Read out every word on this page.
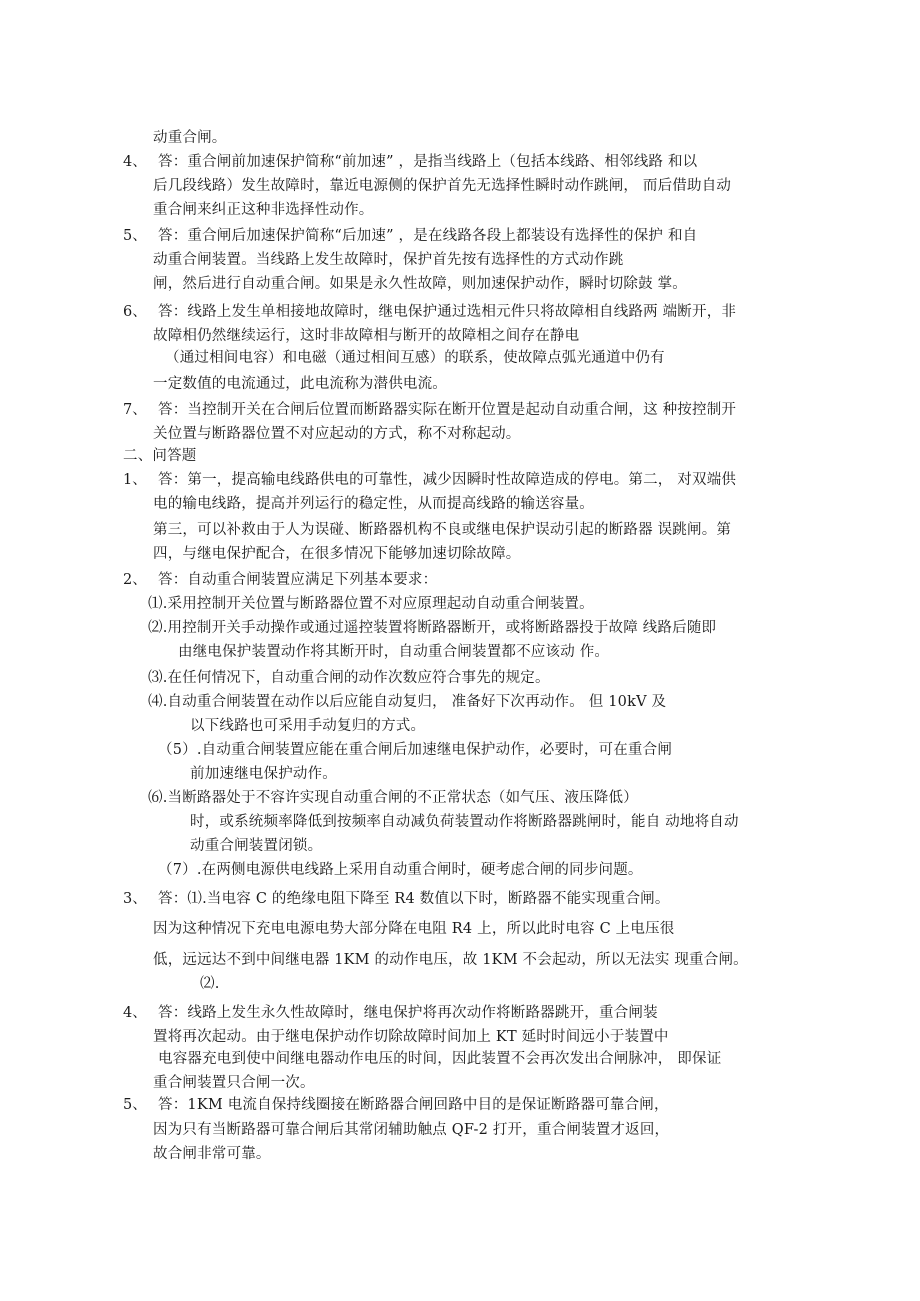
4、
5、
6、
7、
1、
2、
3、
4、
5、
动重合闸。
答：重合闸前加速保护简称“前加速” ，是指当线路上（包括本线路、相邻线路 和以
后几段线路）发生故障时，靠近电源侧的保护首先无选择性瞬时动作跳闸， 而后借助自动
重合闸来纠正这种非选择性动作。
答：重合闸后加速保护简称“后加速” ，是在线路各段上都装设有选择性的保护 和自
动重合闸装置。当线路上发生故障时，保护首先按有选择性的方式动作跳
闸，然后进行自动重合闸。如果是永久性故障，则加速保护动作，瞬时切除鼓 掌。
答：线路上发生单相接地故障时，继电保护通过选相元件只将故障相自线路两 端断开，非
故障相仍然继续运行，这时非故障相与断开的故障相之间存在静电
（通过相间电容）和电磁（通过相间互感）的联系，使故障点弧光通道中仍有
一定数值的电流通过，此电流称为潜供电流。
答：当控制开关在合闸后位置而断路器实际在断开位置是起动自动重合闸，这 种按控制开
关位置与断路器位置不对应起动的方式，称不对称起动。
二、问答题
答：第一，提高输电线路供电的可靠性，减少因瞬时性故障造成的停电。第二， 对双端供
电的输电线路，提高并列运行的稳定性，从而提高线路的输送容量。
第三，可以补救由于人为误碰、断路器机构不良或继电保护误动引起的断路器 误跳闸。第
四，与继电保护配合，在很多情况下能够加速切除故障。
答：自动重合闸装置应满足下列基本要求：
⑴.采用控制开关位置与断路器位置不对应原理起动自动重合闸装置。
⑵.用控制开关手动操作或通过遥控装置将断路器断开，或将断路器投于故障 线路后随即
由继电保护装置动作将其断开时，自动重合闸装置都不应该动 作。
⑶.在任何情况下，自动重合闸的动作次数应符合事先的规定。
⑷.自动重合闸装置在动作以后应能自动复归， 准备好下次再动作。 但 10kV 及
以下线路也可采用手动复归的方式。
（5）.自动重合闸装置应能在重合闸后加速继电保护动作，必要时，可在重合闸
前加速继电保护动作。
⑹.当断路器处于不容许实现自动重合闸的不正常状态（如气压、液压降低）
时，或系统频率降低到按频率自动减负荷装置动作将断路器跳闸时，能自 动地将自动
动重合闸装置闭锁。
（7）.在两侧电源供电线路上采用自动重合闸时，硬考虑合闸的同步问题。
答：⑴.当电容 C 的绝缘电阻下降至 R4 数值以下时，断路器不能实现重合闸。
因为这种情况下充电电源电势大部分降在电阻 R4 上，所以此时电容 C 上电压很
低，远远达不到中间继电器 1KM 的动作电压，故 1KM 不会起动，所以无法实 现重合闸。
⑵.
答：线路上发生永久性故障时，继电保护将再次动作将断路器跳开，重合闸装
置将再次起动。由于继电保护动作切除故障时间加上 KT 延时时间远小于装置中
电容器充电到使中间继电器动作电压的时间，因此装置不会再次发出合闸脉冲， 即保证
重合闸装置只合闸一次。
答：1KM 电流自保持线圈接在断路器合闸回路中目的是保证断路器可靠合闸，
因为只有当断路器可靠合闸后其常闭辅助触点 QF-2 打开，重合闸装置才返回，
故合闸非常可靠。
